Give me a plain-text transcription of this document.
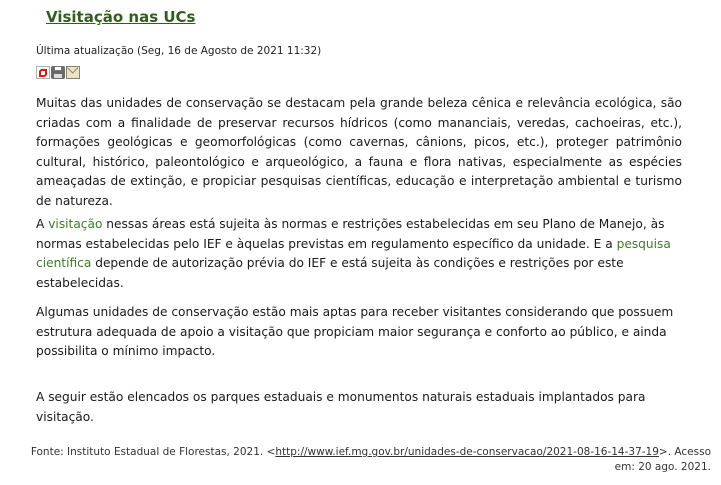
Visitação nas UCs
Última atualização (Seg, 16 de Agosto de 2021 11:32)
Muitas das unidades de conservação se destacam pela grande beleza cênica e relevância ecológica, são criadas com a finalidade de preservar recursos hídricos (como mananciais, veredas, cachoeiras, etc.), formações geológicas e geomorfológicas (como cavernas, cânions, picos, etc.), proteger patrimônio cultural, histórico, paleontológico e arqueológico, a fauna e flora nativas, especialmente as espécies ameaçadas de extinção, e propiciar pesquisas científicas, educação e interpretação ambiental e turismo de natureza.
A visitação nessas áreas está sujeita às normas e restrições estabelecidas em seu Plano de Manejo, às normas estabelecidas pelo IEF e àquelas previstas em regulamento específico da unidade. E a pesquisa científica depende de autorização prévia do IEF e está sujeita às condições e restrições por este estabelecidas.
Algumas unidades de conservação estão mais aptas para receber visitantes considerando que possuem estrutura adequada de apoio a visitação que propiciam maior segurança e conforto ao público, e ainda possibilita o mínimo impacto.
A seguir estão elencados os parques estaduais e monumentos naturais estaduais implantados para visitação.
Fonte: Instituto Estadual de Florestas, 2021. <http://www.ief.mg.gov.br/unidades-de-conservacao/2021-08-16-14-37-19>. Acesso em: 20 ago. 2021.
